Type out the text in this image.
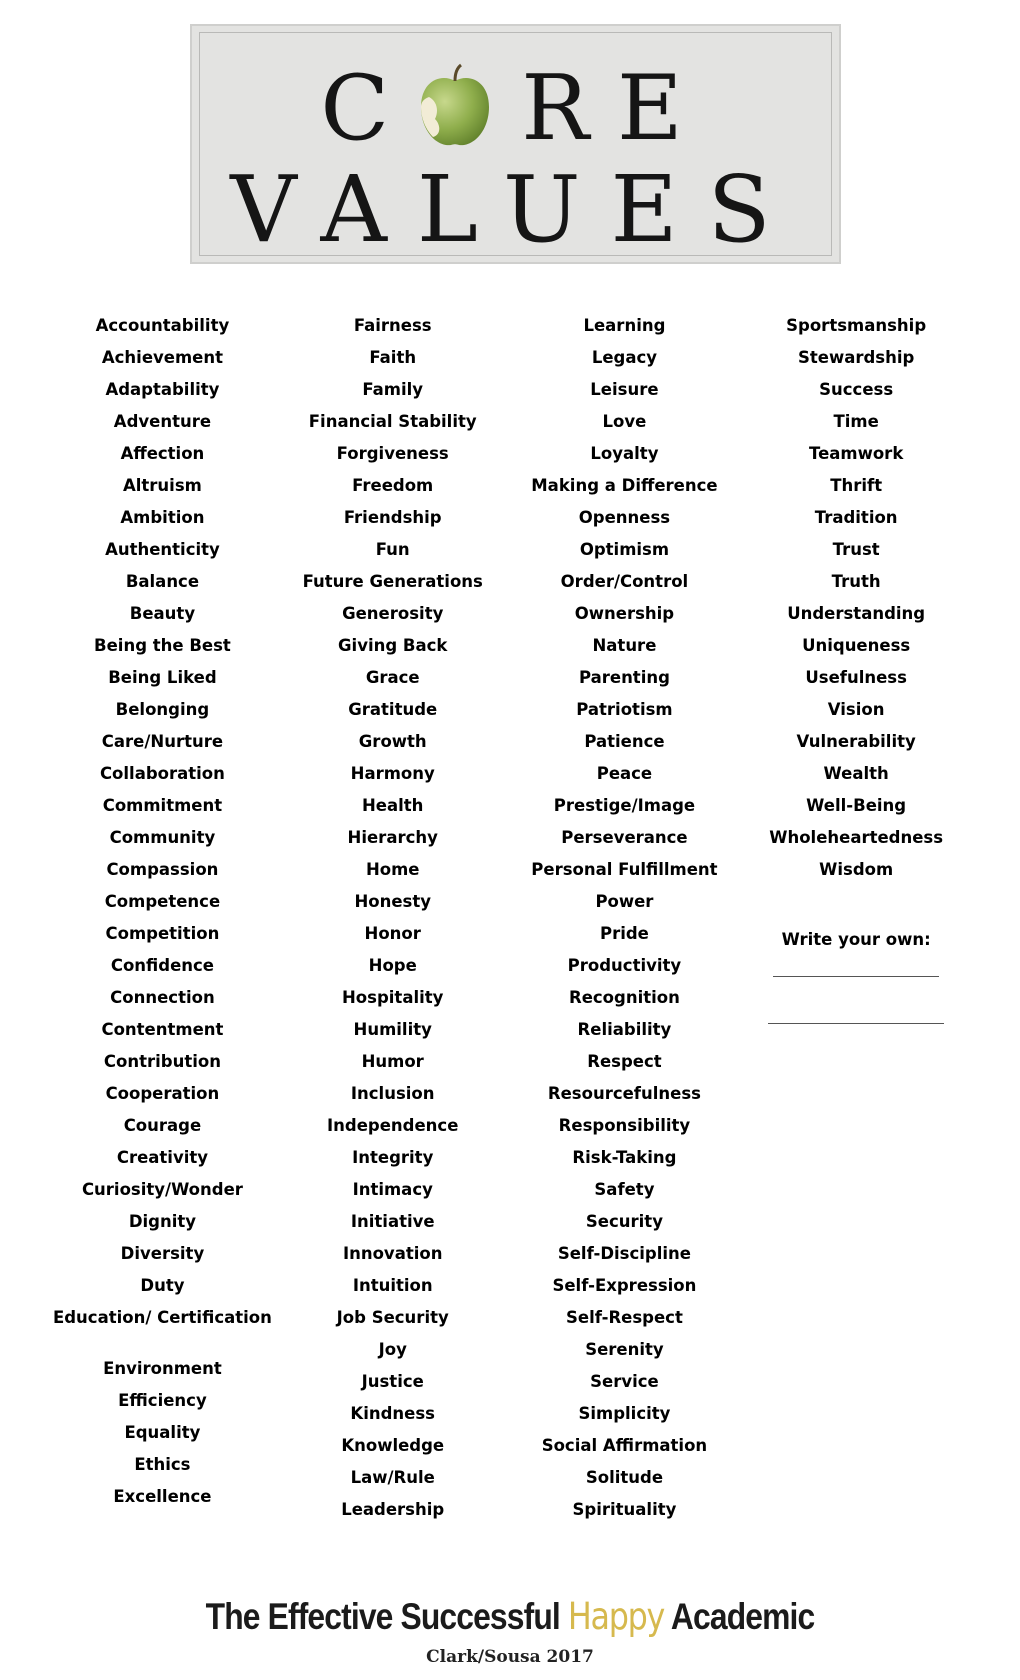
C R E
VALUES
Accountability
Achievement
Adaptability
Adventure
Affection
Altruism
Ambition
Authenticity
Balance
Beauty
Being the Best
Being Liked
Belonging
Care/Nurture
Collaboration
Commitment
Community
Compassion
Competence
Competition
Confidence
Connection
Contentment
Contribution
Cooperation
Courage
Creativity
Curiosity/Wonder
Dignity
Diversity
Duty
Education/ Certification
Environment
Efficiency
Equality
Ethics
Excellence
Fairness
Faith
Family
Financial Stability
Forgiveness
Freedom
Friendship
Fun
Future Generations
Generosity
Giving Back
Grace
Gratitude
Growth
Harmony
Health
Hierarchy
Home
Honesty
Honor
Hope
Hospitality
Humility
Humor
Inclusion
Independence
Integrity
Intimacy
Initiative
Innovation
Intuition
Job Security
Joy
Justice
Kindness
Knowledge
Law/Rule
Leadership
Learning
Legacy
Leisure
Love
Loyalty
Making a Difference
Openness
Optimism
Order/Control
Ownership
Nature
Parenting
Patriotism
Patience
Peace
Prestige/Image
Perseverance
Personal Fulfillment
Power
Pride
Productivity
Recognition
Reliability
Respect
Resourcefulness
Responsibility
Risk-Taking
Safety
Security
Self-Discipline
Self-Expression
Self-Respect
Serenity
Service
Simplicity
Social Affirmation
Solitude
Spirituality
Sportsmanship
Stewardship
Success
Time
Teamwork
Thrift
Tradition
Trust
Truth
Understanding
Uniqueness
Usefulness
Vision
Vulnerability
Wealth
Well-Being
Wholeheartedness
Wisdom
Write your own:
The Effective Successful Happy Academic
Clark/Sousa 2017
